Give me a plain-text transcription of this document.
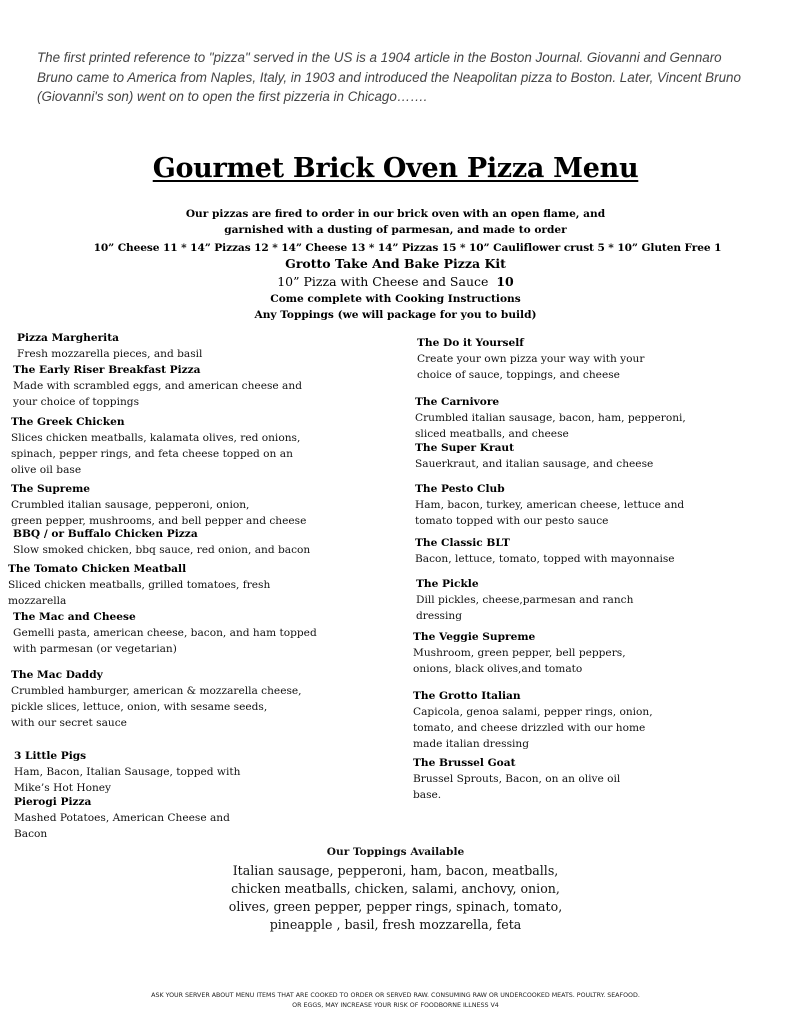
The first printed reference to "pizza" served in the US is a 1904 article in the Boston Journal. Giovanni and Gennaro Bruno came to America from Naples, Italy, in 1903 and introduced the Neapolitan pizza to Boston. Later, Vincent Bruno (Giovanni's son) went on to open the first pizzeria in Chicago…….
Gourmet Brick Oven Pizza Menu
Our pizzas are fired to order in our brick oven with an open flame, and
garnished with a dusting of parmesan, and made to order
10” Cheese 11 * 14” Pizzas 12 * 14” Cheese 13 * 14” Pizzas 15 * 10” Cauliflower crust 5 * 10” Gluten Free 1
Grotto Take And Bake Pizza Kit
10” Pizza with Cheese and Sauce 10
Come complete with Cooking Instructions
Any Toppings (we will package for you to build)
Pizza Margherita
Fresh mozzarella pieces, and basil
The Early Riser Breakfast Pizza
Made with scrambled eggs, and american cheese and
your choice of toppings
The Greek Chicken
Slices chicken meatballs, kalamata olives, red onions,
spinach, pepper rings, and feta cheese topped on an
olive oil base
The Supreme
Crumbled italian sausage, pepperoni, onion,
green pepper, mushrooms, and bell pepper and cheese
BBQ / or Buffalo Chicken Pizza
Slow smoked chicken, bbq sauce, red onion, and bacon
The Tomato Chicken Meatball
Sliced chicken meatballs, grilled tomatoes, fresh
mozzarella
The Mac and Cheese
Gemelli pasta, american cheese, bacon, and ham topped
with parmesan (or vegetarian)
The Mac Daddy
Crumbled hamburger, american & mozzarella cheese,
pickle slices, lettuce, onion, with sesame seeds,
with our secret sauce
3 Little Pigs
Ham, Bacon, Italian Sausage, topped with
Mike’s Hot Honey
Pierogi Pizza
Mashed Potatoes, American Cheese and
Bacon
The Do it Yourself
Create your own pizza your way with your
choice of sauce, toppings, and cheese
The Carnivore
Crumbled italian sausage, bacon, ham, pepperoni,
sliced meatballs, and cheese
The Super Kraut
Sauerkraut, and italian sausage, and cheese
The Pesto Club
Ham, bacon, turkey, american cheese, lettuce and
tomato topped with our pesto sauce
The Classic BLT
Bacon, lettuce, tomato, topped with mayonnaise
The Pickle
Dill pickles, cheese,parmesan and ranch
dressing
The Veggie Supreme
Mushroom, green pepper, bell peppers,
onions, black olives,and tomato
The Grotto Italian
Capicola, genoa salami, pepper rings, onion,
tomato, and cheese drizzled with our home
made italian dressing
The Brussel Goat
Brussel Sprouts, Bacon, on an olive oil
base.
Our Toppings Available
Italian sausage, pepperoni, ham, bacon, meatballs,
chicken meatballs, chicken, salami, anchovy, onion,
olives, green pepper, pepper rings, spinach, tomato,
pineapple , basil, fresh mozzarella, feta
ASK YOUR SERVER ABOUT MENU ITEMS THAT ARE COOKED TO ORDER OR SERVED RAW. CONSUMING RAW OR UNDERCOOKED MEATS. POULTRY. SEAFOOD.
OR EGGS, MAY INCREASE YOUR RISK OF FOODBORNE ILLNESS V4
